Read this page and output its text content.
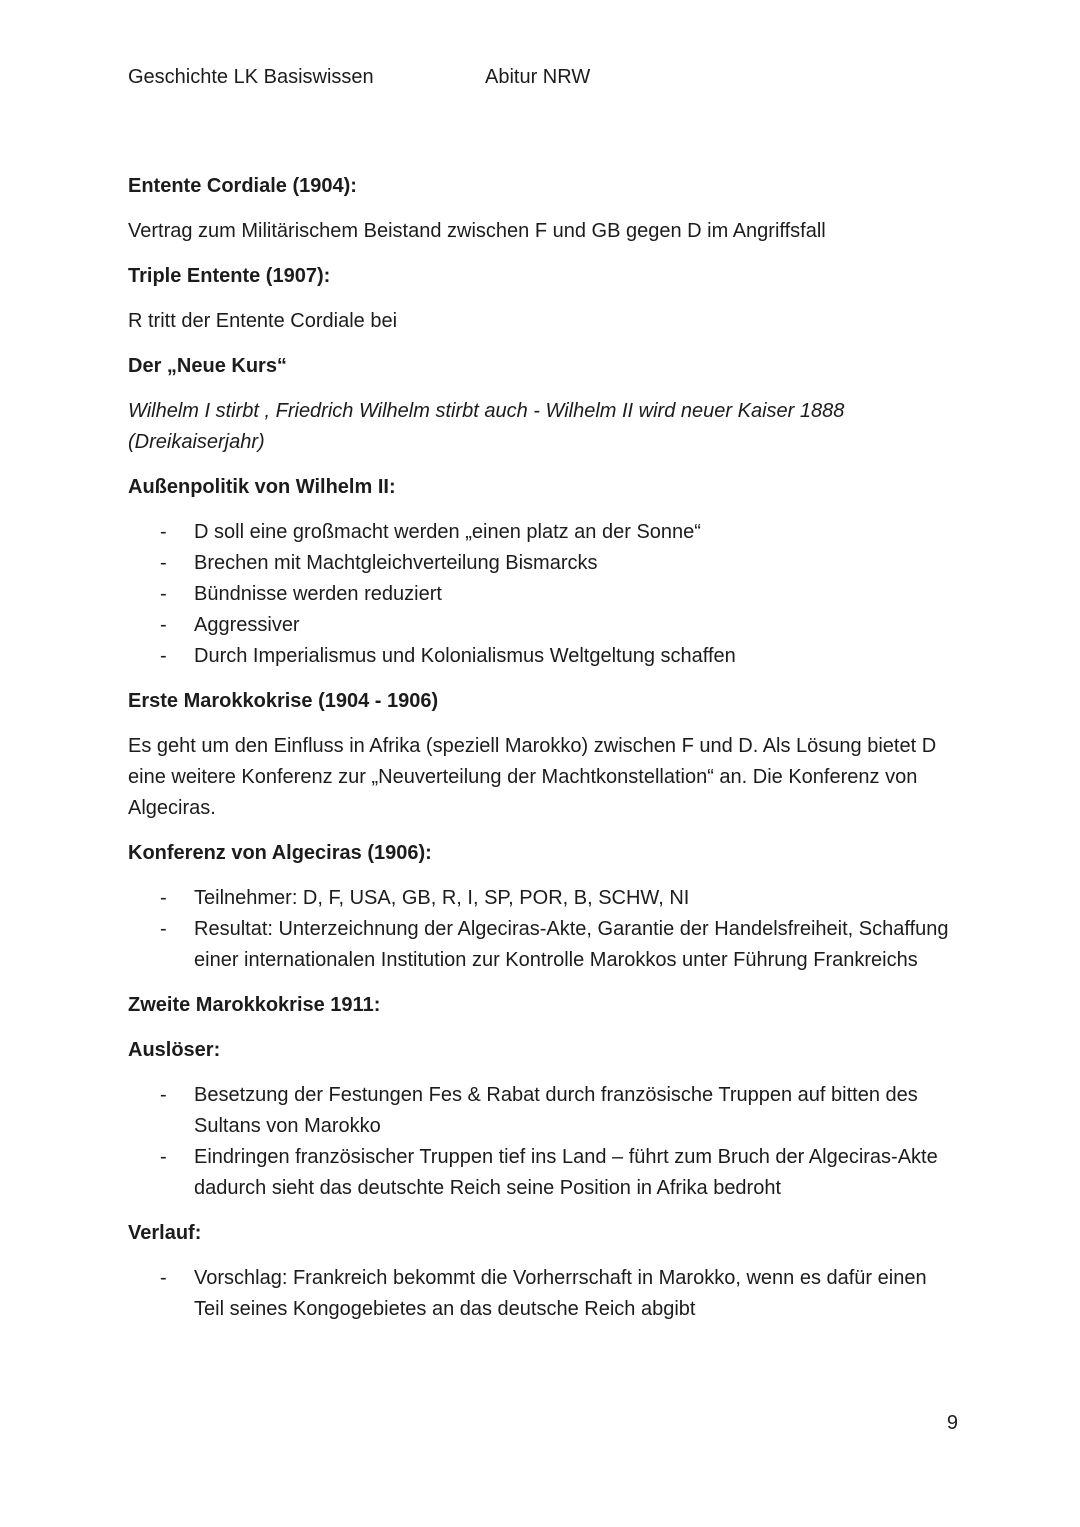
Geschichte LK Basiswissen	Abitur NRW
Entente Cordiale (1904):
Vertrag zum Militärischem Beistand zwischen F und GB gegen D im Angriffsfall
Triple Entente (1907):
R tritt der Entente Cordiale bei
Der „Neue Kurs“
Wilhelm I stirbt , Friedrich Wilhelm stirbt auch - Wilhelm II wird neuer Kaiser 1888 (Dreikaiserjahr)
Außenpolitik von Wilhelm II:
- D soll eine großmacht werden „einen platz an der Sonne“
- Brechen mit Machtgleichverteilung Bismarcks
- Bündnisse werden reduziert
- Aggressiver
- Durch Imperialismus und Kolonialismus Weltgeltung schaffen
Erste Marokkokrise (1904 - 1906)
Es geht um den Einfluss in Afrika (speziell Marokko) zwischen F und D. Als Lösung bietet D eine weitere Konferenz zur „Neuverteilung der Machtkonstellation“ an. Die Konferenz von Algeciras.
Konferenz von Algeciras (1906):
- Teilnehmer: D, F, USA, GB, R, I, SP, POR, B, SCHW, NI
- Resultat: Unterzeichnung der Algeciras-Akte, Garantie der Handelsfreiheit, Schaffung einer internationalen Institution zur Kontrolle Marokkos unter Führung Frankreichs
Zweite Marokkokrise 1911:
Auslöser:
- Besetzung der Festungen Fes & Rabat durch französische Truppen auf bitten des Sultans von Marokko
- Eindringen französischer Truppen tief ins Land – führt zum Bruch der Algeciras-Akte dadurch sieht das deutschte Reich seine Position in Afrika bedroht
Verlauf:
- Vorschlag: Frankreich bekommt die Vorherrschaft in Marokko, wenn es dafür einen Teil seines Kongogebietes an das deutsche Reich abgibt
9
